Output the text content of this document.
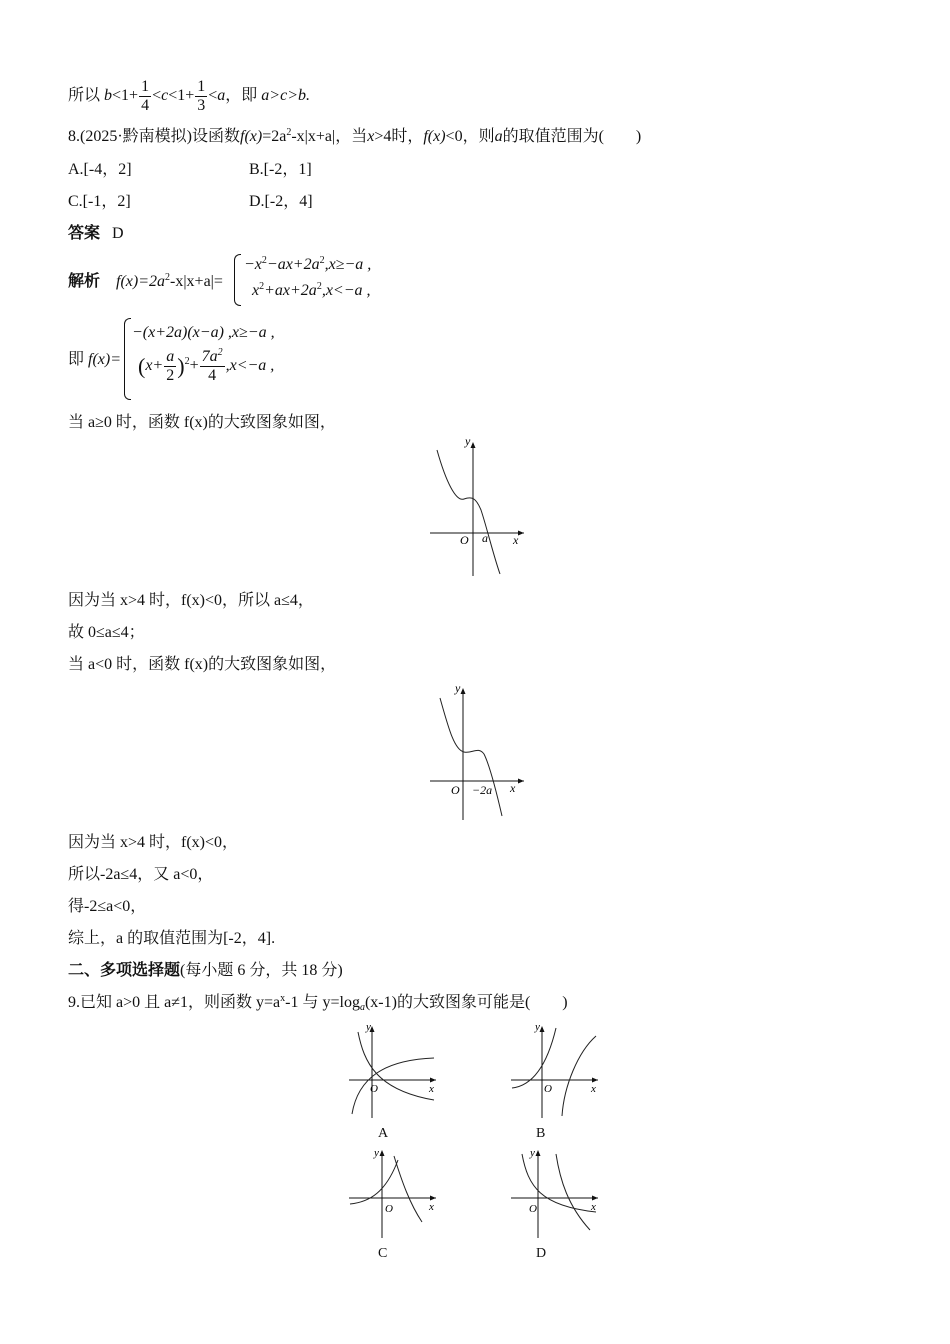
所以 $b<1+ \frac{1}{4} <c<1+ \frac{1}{3} <a$，即 a>c>b.
8.(2025·黔南模拟)设函数$f(x)=2a^2-x|x+a|$，当x>4时，f(x)<0，则a的取值范围为(　　)
A.[-4，2]	B.[-2，1]
C.[-1，2]	D.[-2，4]
答案 D
解析 $f(x)=2a^2-x|x+a|=$
$-x^2-ax+2a^2,x\ge-a$ ,
$x^2+ax+2a^2,x<-a$ ,
即 f(x)=
−(x+2a)(x−a) ,x≥−a ,
$(x+ \frac{a}{2} )^2+ \frac{7a^2}{4} ,x<-a$ ,
当 a≥0 时，函数 f(x)的大致图象如图，
y
x
O a
因为当 x>4 时，f(x)<0，所以 a≤4，
故 0≤a≤4；
当 a<0 时，函数 f(x)的大致图象如图，
y
x
O −2a
因为当 x>4 时，f(x)<0，
所以-2a≤4，又 a<0，
得-2≤a<0，
综上，a 的取值范围为[-2，4].
二、多项选择题(每小题 6 分，共 18 分)
9.已知 a>0 且 a≠1，则函数 $y=a^x-1$ 与 $y=\log_a(x-1)$的大致图象可能是(　　)
y
x
O
A
y
x
O
B
y
x
O
C
y
x
O
D
